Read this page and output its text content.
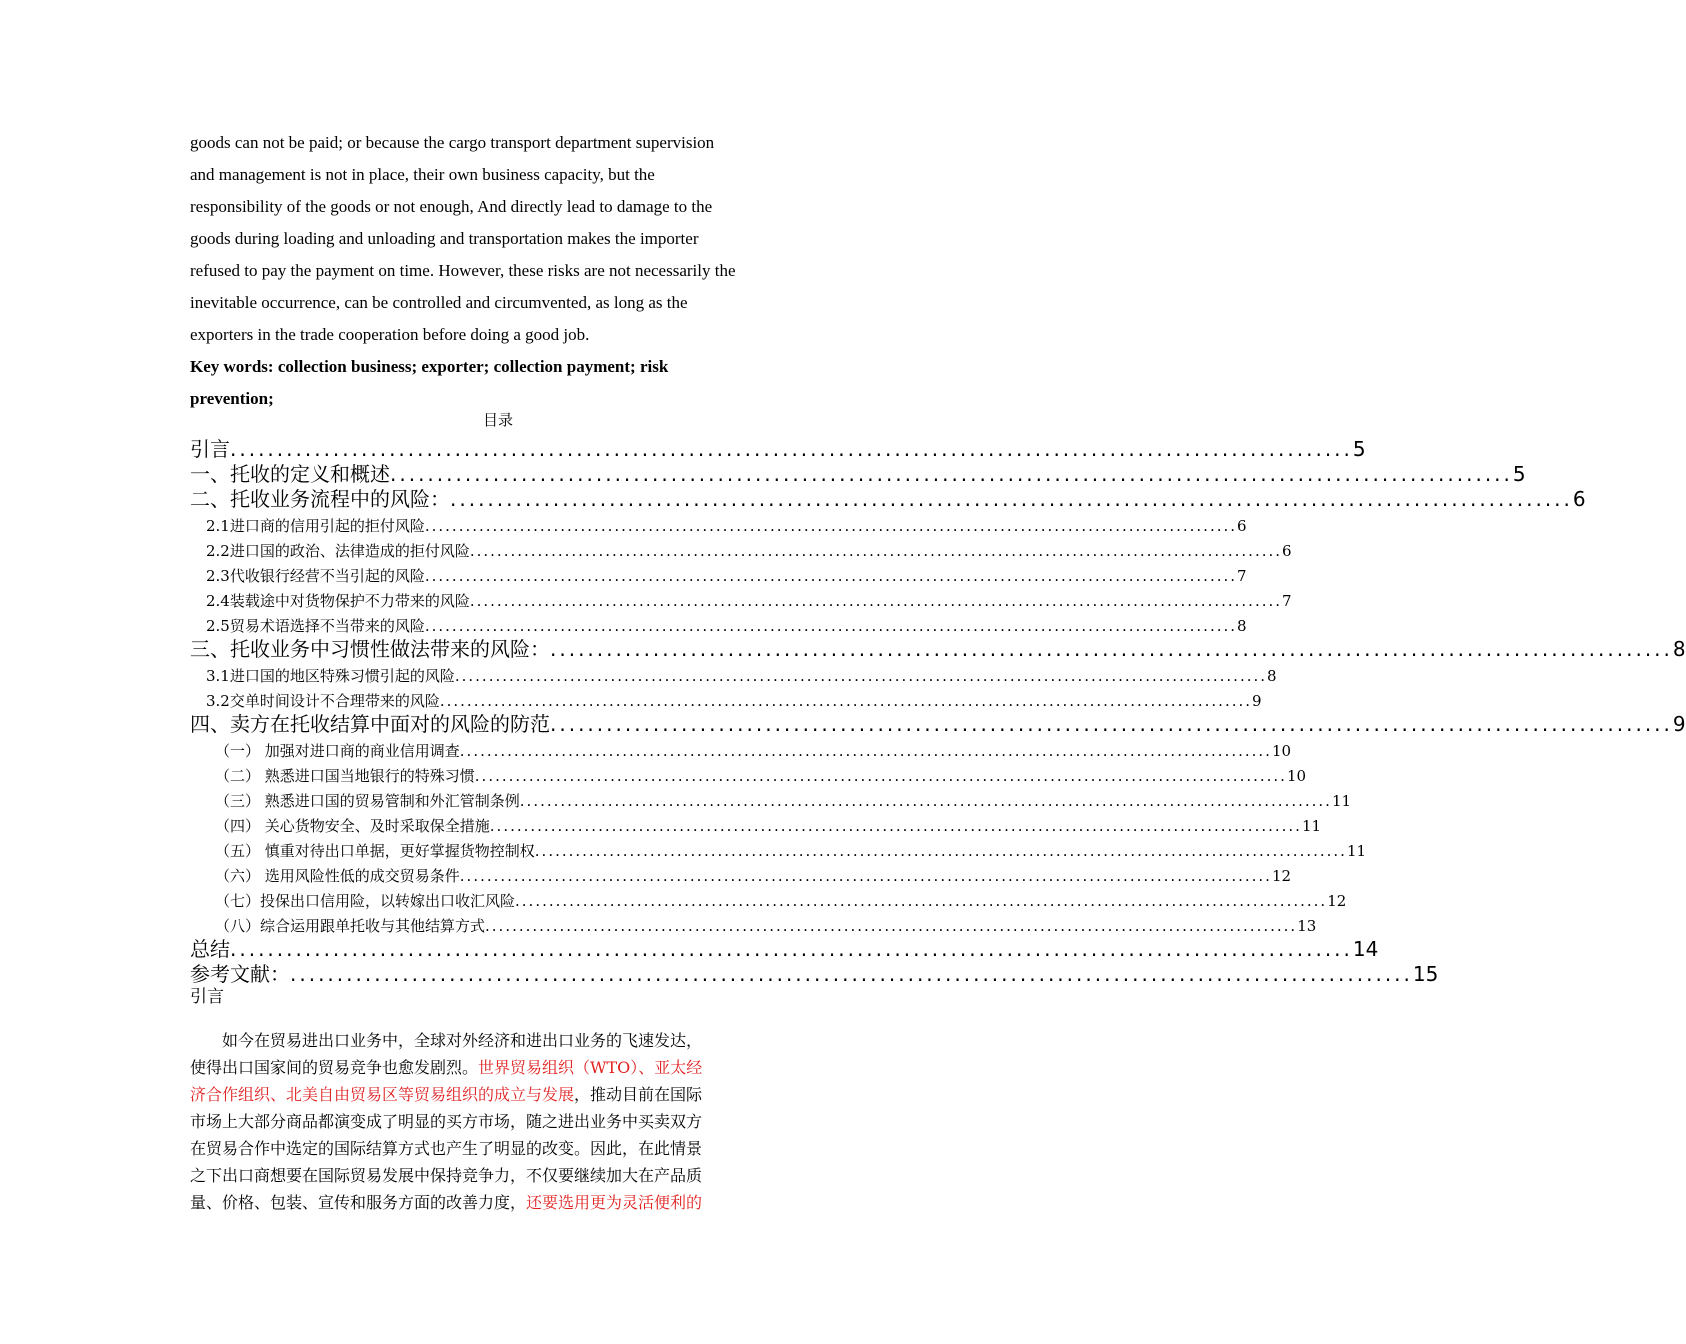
goods can not be paid; or because the cargo transport department supervision
and management is not in place, their own business capacity, but the
responsibility of the goods or not enough, And directly lead to damage to the
goods during loading and unloading and transportation makes the importer
refused to pay the payment on time. However, these risks are not necessarily the
inevitable occurrence, can be controlled and circumvented, as long as the
exporters in the trade cooperation before doing a good job.
Key words: collection business; exporter; collection payment; risk
prevention;
目录
引言 ........................................................................................................................ 5
一、托收的定义和概述 ........................................................................................................................ 5
二、托收业务流程中的风险： ........................................................................................................................ 6
2.1进口商的信用引起的拒付风险 ........................................................................................................................ 6
2.2进口国的政治、法律造成的拒付风险 ........................................................................................................................ 6
2.3代收银行经营不当引起的风险 ........................................................................................................................ 7
2.4装载途中对货物保护不力带来的风险 ........................................................................................................................ 7
2.5贸易术语选择不当带来的风险 ........................................................................................................................ 8
三、托收业务中习惯性做法带来的风险： ........................................................................................................................ 8
3.1进口国的地区特殊习惯引起的风险 ........................................................................................................................ 8
3.2交单时间设计不合理带来的风险 ........................................................................................................................ 9
四、卖方在托收结算中面对的风险的防范 ........................................................................................................................ 9
（一） 加强对进口商的商业信用调查 ........................................................................................................................ 10
（二） 熟悉进口国当地银行的特殊习惯 ........................................................................................................................ 10
（三） 熟悉进口国的贸易管制和外汇管制条例 ........................................................................................................................ 11
（四） 关心货物安全、及时采取保全措施 ........................................................................................................................ 11
（五） 慎重对待出口单据，更好掌握货物控制权 ........................................................................................................................ 11
（六） 选用风险性低的成交贸易条件 ........................................................................................................................ 12
（七）投保出口信用险，以转嫁出口收汇风险 ........................................................................................................................ 12
（八）综合运用跟单托收与其他结算方式 ........................................................................................................................ 13
总结 ........................................................................................................................ 14
参考文献： ........................................................................................................................ 15
引言
　　如今在贸易进出口业务中，全球对外经济和进出口业务的飞速发达，
使得出口国家间的贸易竞争也愈发剧烈。世界贸易组织（WTO）、亚太经
济合作组织、北美自由贸易区等贸易组织的成立与发展，推动目前在国际
市场上大部分商品都演变成了明显的买方市场，随之进出业务中买卖双方
在贸易合作中选定的国际结算方式也产生了明显的改变。因此，在此情景
之下出口商想要在国际贸易发展中保持竞争力，不仅要继续加大在产品质
量、价格、包装、宣传和服务方面的改善力度，还要选用更为灵活便利的
